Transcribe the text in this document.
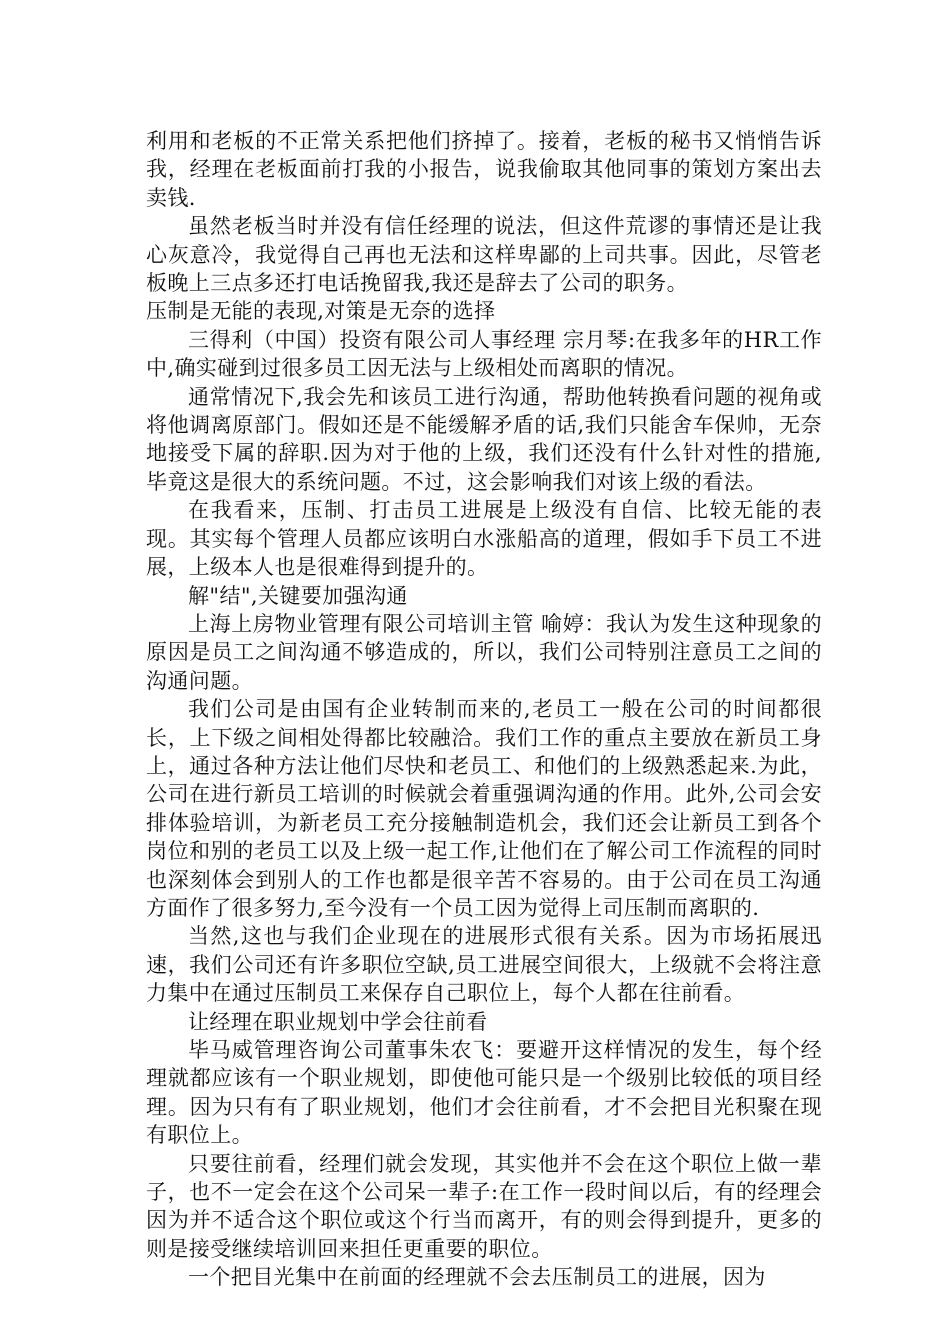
利用和老板的不正常关系把他们挤掉了。接着，老板的秘书又悄悄告诉我，经理在老板面前打我的小报告，说我偷取其他同事的策划方案出去卖钱.

虽然老板当时并没有信任经理的说法，但这件荒谬的事情还是让我心灰意冷，我觉得自己再也无法和这样卑鄙的上司共事。因此，尽管老板晚上三点多还打电话挽留我,我还是辞去了公司的职务。

压制是无能的表现,对策是无奈的选择

三得利（中国）投资有限公司人事经理 宗月琴:在我多年的HR工作中,确实碰到过很多员工因无法与上级相处而离职的情况。

通常情况下,我会先和该员工进行沟通，帮助他转换看问题的视角或将他调离原部门。假如还是不能缓解矛盾的话,我们只能舍车保帅，无奈地接受下属的辞职.因为对于他的上级，我们还没有什么针对性的措施,毕竟这是很大的系统问题。不过，这会影响我们对该上级的看法。

在我看来，压制、打击员工进展是上级没有自信、比较无能的表现。其实每个管理人员都应该明白水涨船高的道理，假如手下员工不进展，上级本人也是很难得到提升的。

解"结",关键要加强沟通

上海上房物业管理有限公司培训主管 喻婷：我认为发生这种现象的原因是员工之间沟通不够造成的，所以，我们公司特别注意员工之间的沟通问题。

我们公司是由国有企业转制而来的,老员工一般在公司的时间都很长，上下级之间相处得都比较融洽。我们工作的重点主要放在新员工身上，通过各种方法让他们尽快和老员工、和他们的上级熟悉起来.为此，公司在进行新员工培训的时候就会着重强调沟通的作用。此外,公司会安排体验培训，为新老员工充分接触制造机会，我们还会让新员工到各个岗位和别的老员工以及上级一起工作,让他们在了解公司工作流程的同时也深刻体会到别人的工作也都是很辛苦不容易的。由于公司在员工沟通方面作了很多努力,至今没有一个员工因为觉得上司压制而离职的.

当然,这也与我们企业现在的进展形式很有关系。因为市场拓展迅速，我们公司还有许多职位空缺,员工进展空间很大，上级就不会将注意力集中在通过压制员工来保存自己职位上，每个人都在往前看。

让经理在职业规划中学会往前看

毕马威管理咨询公司董事朱农飞：要避开这样情况的发生，每个经理就都应该有一个职业规划，即使他可能只是一个级别比较低的项目经理。因为只有有了职业规划，他们才会往前看，才不会把目光积聚在现有职位上。

只要往前看，经理们就会发现，其实他并不会在这个职位上做一辈子，也不一定会在这个公司呆一辈子:在工作一段时间以后，有的经理会因为并不适合这个职位或这个行当而离开，有的则会得到提升，更多的则是接受继续培训回来担任更重要的职位。

一个把目光集中在前面的经理就不会去压制员工的进展，因为
